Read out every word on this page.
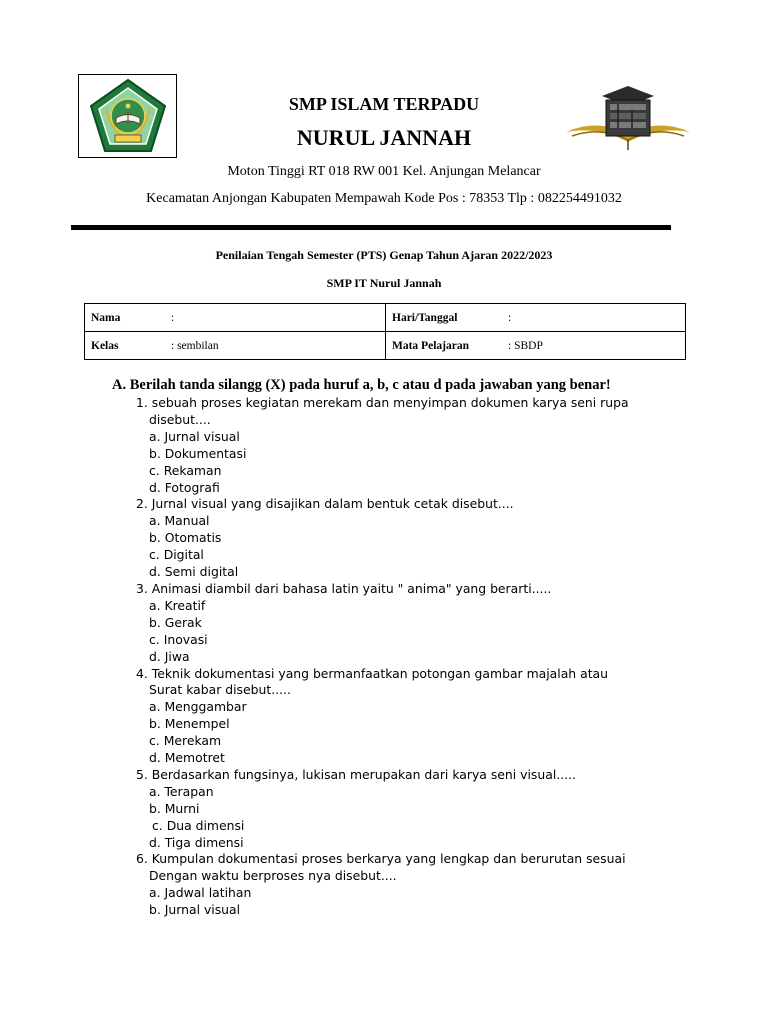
SMP ISLAM TERPADU
NURUL JANNAH
Moton Tinggi RT 018 RW 001 Kel. Anjungan Melancar
Kecamatan Anjongan Kabupaten Mempawah Kode Pos : 78353 Tlp : 082254491032
Penilaian Tengah Semester (PTS) Genap Tahun Ajaran 2022/2023
SMP IT Nurul Jannah
Nama :	Hari/Tanggal :
Kelas : sembilan	Mata Pelajaran : SBDP
A. Berilah tanda silangg (X) pada huruf a, b, c atau d pada jawaban yang benar!
1. sebuah proses kegiatan merekam dan menyimpan dokumen karya seni rupa
disebut....
a. Jurnal visual
b. Dokumentasi
c. Rekaman
d. Fotografi
2. Jurnal visual yang disajikan dalam bentuk cetak disebut....
a. Manual
b. Otomatis
c. Digital
d. Semi digital
3. Animasi diambil dari bahasa latin yaitu " anima" yang berarti.....
a. Kreatif
b. Gerak
c. Inovasi
d. Jiwa
4. Teknik dokumentasi yang bermanfaatkan potongan gambar majalah atau
Surat kabar disebut.....
a. Menggambar
b. Menempel
c. Merekam
d. Memotret
5. Berdasarkan fungsinya, lukisan merupakan dari karya seni visual.....
a. Terapan
b. Murni
c. Dua dimensi
d. Tiga dimensi
6. Kumpulan dokumentasi proses berkarya yang lengkap dan berurutan sesuai
Dengan waktu berproses nya disebut....
a. Jadwal latihan
b. Jurnal visual
